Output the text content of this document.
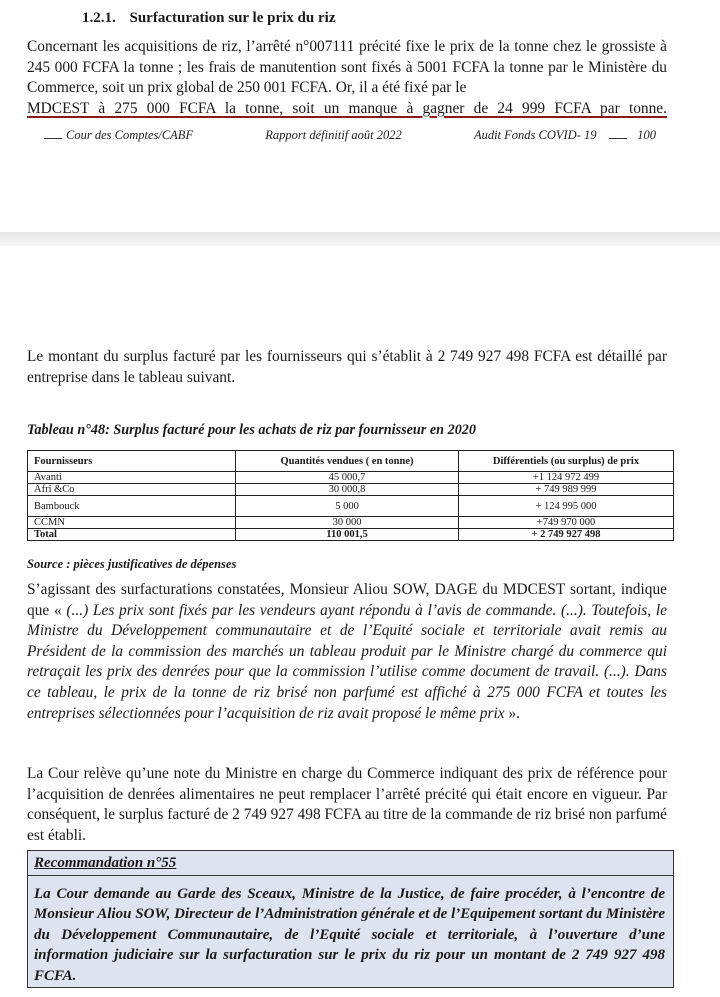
1.2.1. Surfacturation sur le prix du riz
Concernant les acquisitions de riz, l’arrêté n°007111 précité fixe le prix de la tonne chez le grossiste à 245 000 FCFA la tonne ; les frais de manutention sont fixés à 5001 FCFA la tonne par le Ministère du Commerce, soit un prix global de 250 001 FCFA. Or, il a été fixé par le
MDCEST à 275 000 FCFA la tonne, soit un manque à gagner de 24 999 FCFA par tonne.
Cour des Comptes/CABF	Rapport définitif août 2022	Audit Fonds COVID- 19	100
Le montant du surplus facturé par les fournisseurs qui s’établit à 2 749 927 498 FCFA est détaillé par entreprise dans le tableau suivant.
Tableau n°48: Surplus facturé pour les achats de riz par fournisseur en 2020
Fournisseurs	Quantités vendues ( en tonne)	Différentiels (ou surplus) de prix
Avanti	45 000,7	+1 124 972 499
Afri &Co	30 000,8	+ 749 989 999
Bambouck	5 000	+ 124 995 000
CCMN	30 000	+749 970 000
Total	110 001,5	+ 2 749 927 498
Source : pièces justificatives de dépenses
S’agissant des surfacturations constatées, Monsieur Aliou SOW, DAGE du MDCEST sortant, indique que « (...) Les prix sont fixés par les vendeurs ayant répondu à l’avis de commande. (...). Toutefois, le Ministre du Développement communautaire et de l’Equité sociale et territoriale avait remis au Président de la commission des marchés un tableau produit par le Ministre chargé du commerce qui retraçait les prix des denrées pour que la commission l’utilise comme document de travail. (...). Dans ce tableau, le prix de la tonne de riz brisé non parfumé est affiché à 275 000 FCFA et toutes les entreprises sélectionnées pour l’acquisition de riz avait proposé le même prix ».
La Cour relève qu’une note du Ministre en charge du Commerce indiquant des prix de référence pour l’acquisition de denrées alimentaires ne peut remplacer l’arrêté précité qui était encore en vigueur. Par conséquent, le surplus facturé de 2 749 927 498 FCFA au titre de la commande de riz brisé non parfumé est établi.
Recommandation n°55
La Cour demande au Garde des Sceaux, Ministre de la Justice, de faire procéder, à l’encontre de Monsieur Aliou SOW, Directeur de l’Administration générale et de l’Equipement sortant du Ministère du Développement Communautaire, de l’Equité sociale et territoriale, à l’ouverture d’une information judiciaire sur la surfacturation sur le prix du riz pour un montant de 2 749 927 498 FCFA.
